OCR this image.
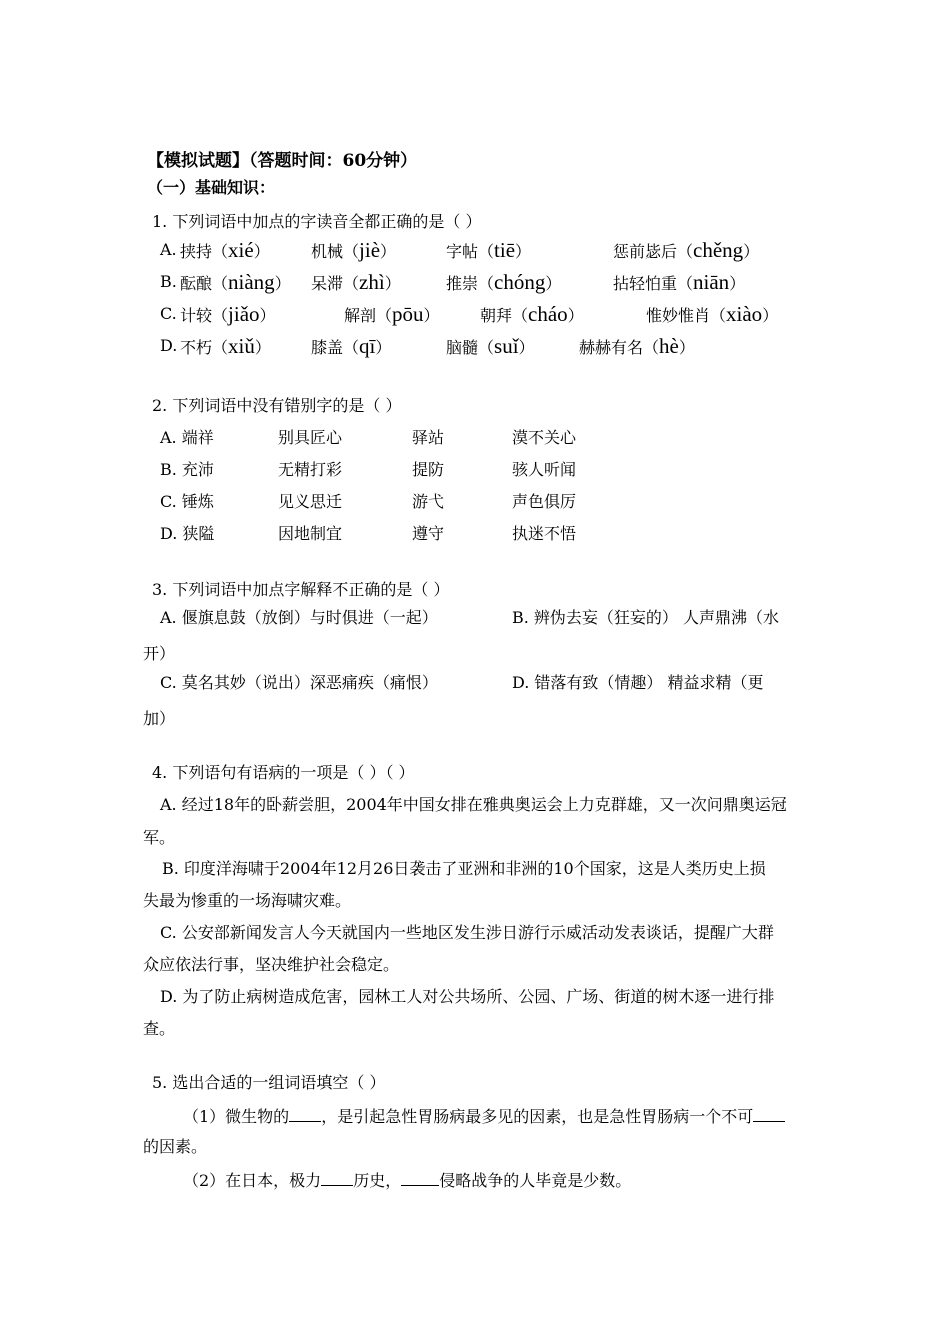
【模拟试题】（答题时间：60分钟）
（一）基础知识：
1. 下列词语中加点的字读音全都正确的是（ ）
A. 挟持（xié）	机械（jiè）	字帖（tiē）	惩前毖后（chěng）
B. 酝酿（niàng） 呆滞（zhì）	推崇（chóng）	拈轻怕重（niān）
C. 计较（jiǎo）	解剖（pōu）	朝拜（cháo）	惟妙惟肖（xiào）
D. 不朽（xiǔ）	膝盖（qī）	脑髓（suǐ）	赫赫有名（hè）
2. 下列词语中没有错别字的是（ ）
A. 端祥	别具匠心	驿站	漠不关心
B. 充沛	无精打彩	提防	骇人听闻
C. 锤炼	见义思迁	游弋	声色俱厉
D. 狭隘	因地制宜	遵守	执迷不悟
3. 下列词语中加点字解释不正确的是（ ）
A. 偃旗息鼓（放倒）与时俱进（一起）	B. 辨伪去妄（狂妄的） 人声鼎沸（水
开）
C. 莫名其妙（说出）深恶痛疾（痛恨）	D. 错落有致（情趣） 精益求精（更
加）
4. 下列语句有语病的一项是（ ）（ ）
A. 经过18年的卧薪尝胆，2004年中国女排在雅典奥运会上力克群雄，又一次问鼎奥运冠
军。
B. 印度洋海啸于2004年12月26日袭击了亚洲和非洲的10个国家，这是人类历史上损
失最为惨重的一场海啸灾难。
C. 公安部新闻发言人今天就国内一些地区发生涉日游行示威活动发表谈话，提醒广大群
众应依法行事，坚决维护社会稳定。
D. 为了防止病树造成危害，园林工人对公共场所、公园、广场、街道的树木逐一进行排
查。
5. 选出合适的一组词语填空（ ）
（1）微生物的 ，是引起急性胃肠病最多见的因素，也是急性胃肠病一个不可
的因素。
（2）在日本，极力 历史， 侵略战争的人毕竟是少数。
